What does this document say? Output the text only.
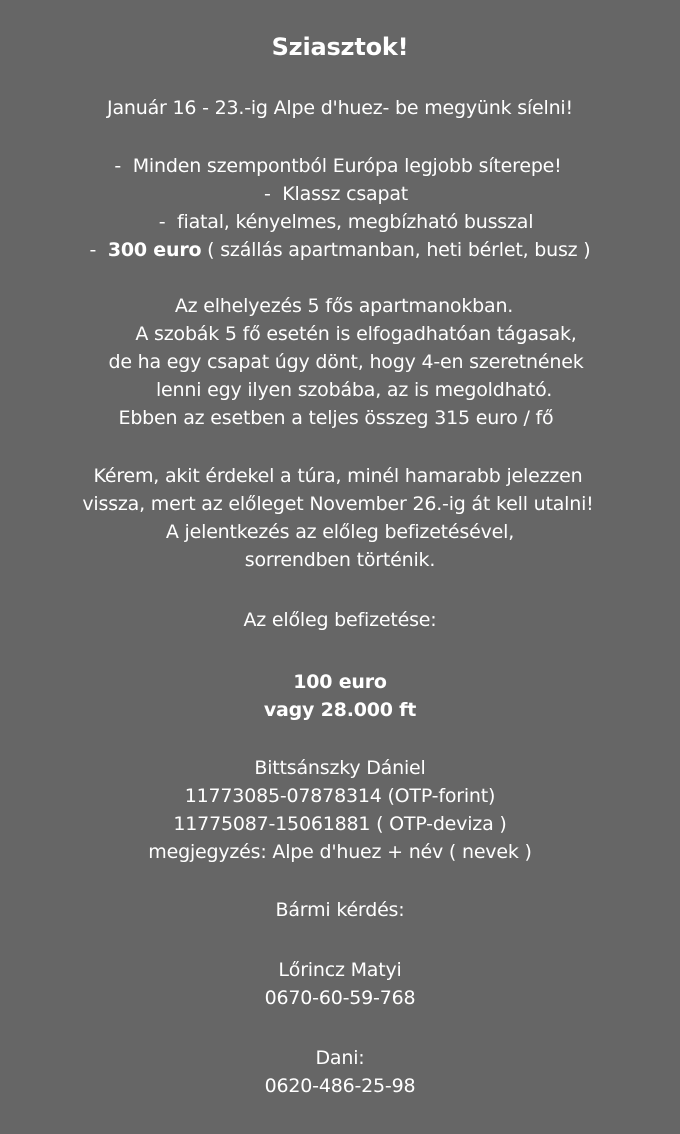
Sziasztok!
Január 16 - 23.-ig Alpe d'huez- be megyünk síelni!
-  Minden szempontból Európa legjobb síterepe!
-  Klassz csapat
-  fiatal, kényelmes, megbízható busszal
-  300 euro ( szállás apartmanban, heti bérlet, busz )
Az elhelyezés 5 fős apartmanokban.
A szobák 5 fő esetén is elfogadhatóan tágasak,
de ha egy csapat úgy dönt, hogy 4-en szeretnének
lenni egy ilyen szobába, az is megoldható.
Ebben az esetben a teljes összeg 315 euro / fő
Kérem, akit érdekel a túra, minél hamarabb jelezzen
vissza, mert az előleget November 26.-ig át kell utalni!
A jelentkezés az előleg befizetésével,
sorrendben történik.
Az előleg befizetése:
100 euro
vagy 28.000 ft
Bittsánszky Dániel
11773085-07878314 (OTP-forint)
11775087-15061881 ( OTP-deviza )
megjegyzés: Alpe d'huez + név ( nevek )
Bármi kérdés:
Lőrincz Matyi
0670-60-59-768
Dani:
0620-486-25-98
